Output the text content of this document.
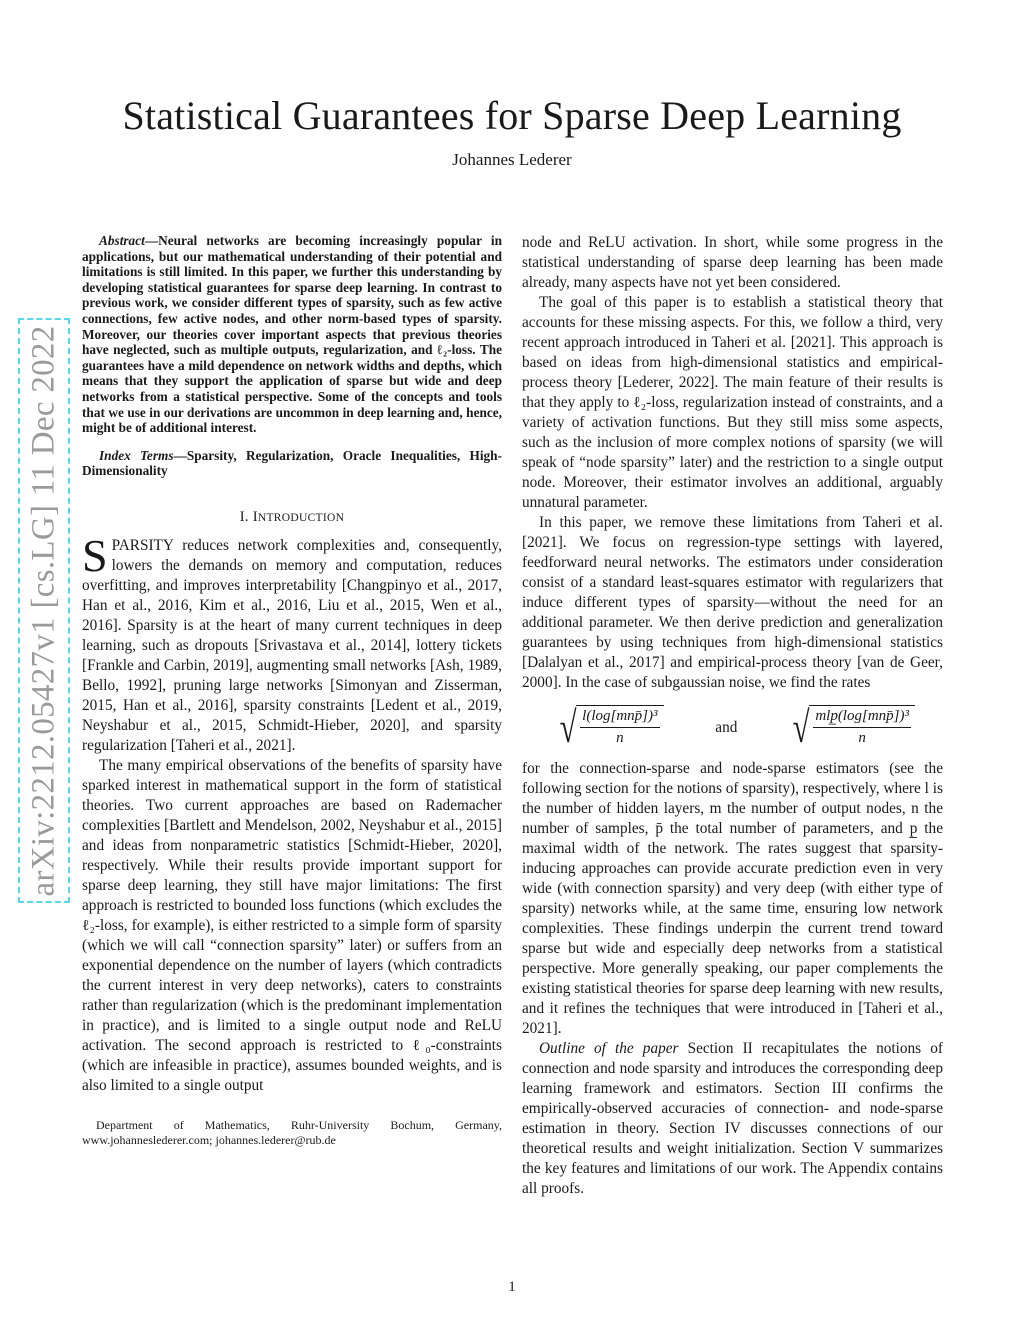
Statistical Guarantees for Sparse Deep Learning
Johannes Lederer
arXiv:2212.05427v1 [cs.LG] 11 Dec 2022

Abstract—Neural networks are becoming increasingly popular in applications, but our mathematical understanding of their potential and limitations is still limited. In this paper, we further this understanding by developing statistical guarantees for sparse deep learning. In contrast to previous work, we consider different types of sparsity, such as few active connections, few active nodes, and other norm-based types of sparsity. Moreover, our theories cover important aspects that previous theories have neglected, such as multiple outputs, regularization, and ℓ₂-loss. The guarantees have a mild dependence on network widths and depths, which means that they support the application of sparse but wide and deep networks from a statistical perspective. Some of the concepts and tools that we use in our derivations are uncommon in deep learning and, hence, might be of additional interest.

Index Terms—Sparsity, Regularization, Oracle Inequalities, High-Dimensionality

I. INTRODUCTION

SPARSITY reduces network complexities and, consequently, lowers the demands on memory and computation, reduces overfitting, and improves interpretability [Changpinyo et al., 2017, Han et al., 2016, Kim et al., 2016, Liu et al., 2015, Wen et al., 2016]. Sparsity is at the heart of many current techniques in deep learning, such as dropouts [Srivastava et al., 2014], lottery tickets [Frankle and Carbin, 2019], augmenting small networks [Ash, 1989, Bello, 1992], pruning large networks [Simonyan and Zisserman, 2015, Han et al., 2016], sparsity constraints [Ledent et al., 2019, Neyshabur et al., 2015, Schmidt-Hieber, 2020], and sparsity regularization [Taheri et al., 2021].

The many empirical observations of the benefits of sparsity have sparked interest in mathematical support in the form of statistical theories. Two current approaches are based on Rademacher complexities [Bartlett and Mendelson, 2002, Neyshabur et al., 2015] and ideas from nonparametric statistics [Schmidt-Hieber, 2020], respectively. While their results provide important support for sparse deep learning, they still have major limitations: The first approach is restricted to bounded loss functions (which excludes the ℓ₂-loss, for example), is either restricted to a simple form of sparsity (which we will call “connection sparsity” later) or suffers from an exponential dependence on the number of layers (which contradicts the current interest in very deep networks), caters to constraints rather than regularization (which is the predominant implementation in practice), and is limited to a single output node and ReLU activation. The second approach is restricted to ℓ₀-constraints (which are infeasible in practice), assumes bounded weights, and is also limited to a single output

Department of Mathematics, Ruhr-University Bochum, Germany, www.johanneslederer.com; johannes.lederer@rub.de

node and ReLU activation. In short, while some progress in the statistical understanding of sparse deep learning has been made already, many aspects have not yet been considered.

The goal of this paper is to establish a statistical theory that accounts for these missing aspects. For this, we follow a third, very recent approach introduced in Taheri et al. [2021]. This approach is based on ideas from high-dimensional statistics and empirical-process theory [Lederer, 2022]. The main feature of their results is that they apply to ℓ₂-loss, regularization instead of constraints, and a variety of activation functions. But they still miss some aspects, such as the inclusion of more complex notions of sparsity (we will speak of “node sparsity” later) and the restriction to a single output node. Moreover, their estimator involves an additional, arguably unnatural parameter.

In this paper, we remove these limitations from Taheri et al. [2021]. We focus on regression-type settings with layered, feedforward neural networks. The estimators under consideration consist of a standard least-squares estimator with regularizers that induce different types of sparsity—without the need for an additional parameter. We then derive prediction and generalization guarantees by using techniques from high-dimensional statistics [Dalalyan et al., 2017] and empirical-process theory [van de Geer, 2000]. In the case of subgaussian noise, we find the rates

√ $\frac{\text{l(log[mnp̄])³}}{n}$	and √ $\frac{\text{mlp̲(log[mnp̄])³}}{n}$

for the connection-sparse and node-sparse estimators (see the following section for the notions of sparsity), respectively, where l is the number of hidden layers, m the number of output nodes, n the number of samples, p̄ the total number of parameters, and p̲ the maximal width of the network. The rates suggest that sparsity-inducing approaches can provide accurate prediction even in very wide (with connection sparsity) and very deep (with either type of sparsity) networks while, at the same time, ensuring low network complexities. These findings underpin the current trend toward sparse but wide and especially deep networks from a statistical perspective. More generally speaking, our paper complements the existing statistical theories for sparse deep learning with new results, and it refines the techniques that were introduced in [Taheri et al., 2021].

Outline of the paper Section II recapitulates the notions of connection and node sparsity and introduces the corresponding deep learning framework and estimators. Section III confirms the empirically-observed accuracies of connection- and node-sparse estimation in theory. Section IV discusses connections of our theoretical results and weight initialization. Section V summarizes the key features and limitations of our work. The Appendix contains all proofs.

1
